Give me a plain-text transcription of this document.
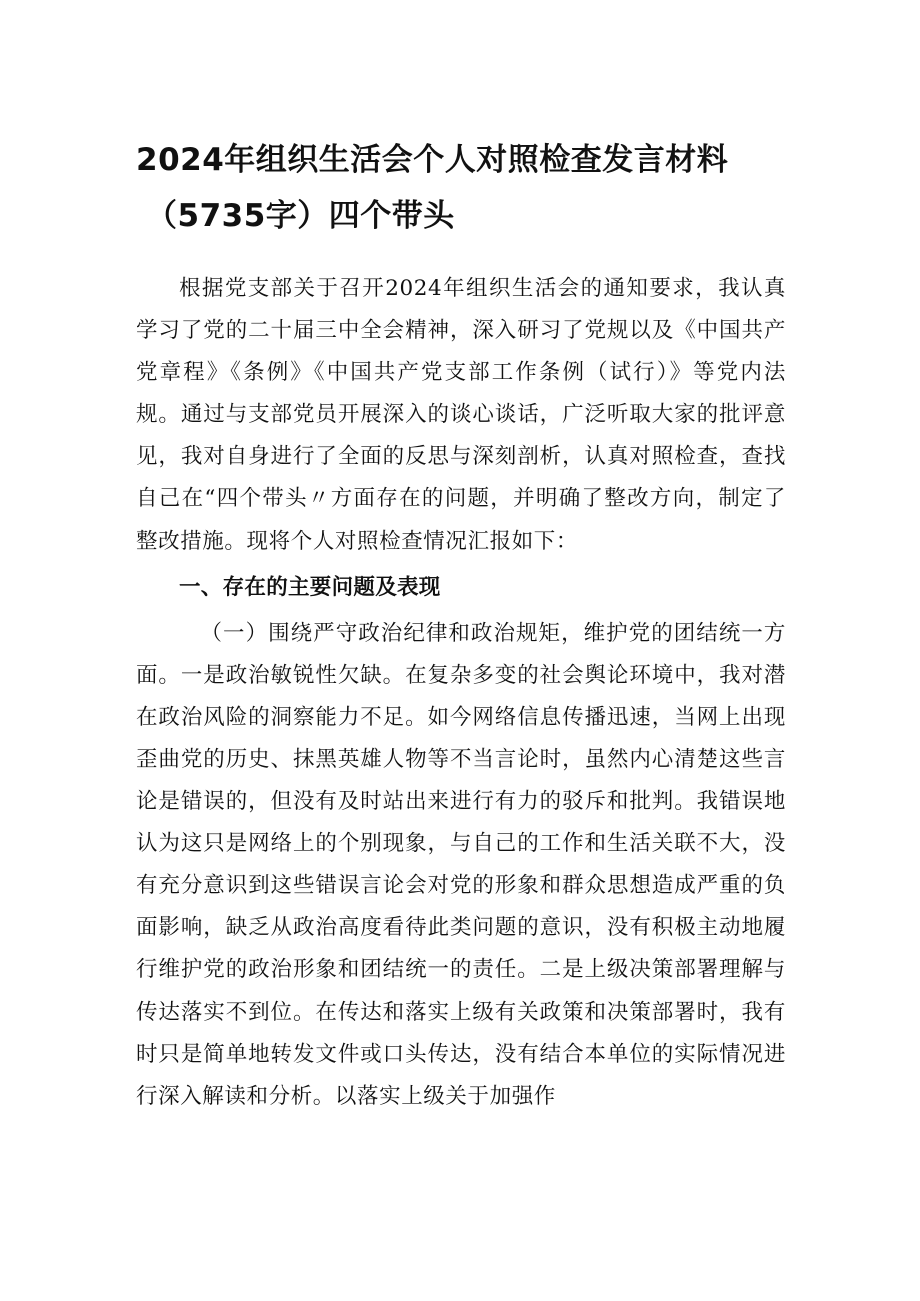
2024年组织生活会个人对照检查发言材料
（5735字）四个带头

根据党支部关于召开2024年组织生活会的通知要求，我认真学习了党的二十届三中全会精神，深入研习了党规以及《中国共产党章程》《条例》《中国共产党支部工作条例（试行）》等党内法规。通过与支部党员开展深入的谈心谈话，广泛听取大家的批评意见，我对自身进行了全面的反思与深刻剖析，认真对照检查，查找自己在“四个带头〃方面存在的问题，并明确了整改方向，制定了整改措施。现将个人对照检查情况汇报如下：

一、存在的主要问题及表现

（一）围绕严守政治纪律和政治规矩，维护党的团结统一方面。一是政治敏锐性欠缺。在复杂多变的社会舆论环境中，我对潜在政治风险的洞察能力不足。如今网络信息传播迅速，当网上出现歪曲党的历史、抹黑英雄人物等不当言论时，虽然内心清楚这些言论是错误的，但没有及时站出来进行有力的驳斥和批判。我错误地认为这只是网络上的个别现象，与自己的工作和生活关联不大，没有充分意识到这些错误言论会对党的形象和群众思想造成严重的负面影响，缺乏从政治高度看待此类问题的意识，没有积极主动地履行维护党的政治形象和团结统一的责任。二是上级决策部署理解与传达落实不到位。在传达和落实上级有关政策和决策部署时，我有时只是简单地转发文件或口头传达，没有结合本单位的实际情况进行深入解读和分析。以落实上级关于加强作
